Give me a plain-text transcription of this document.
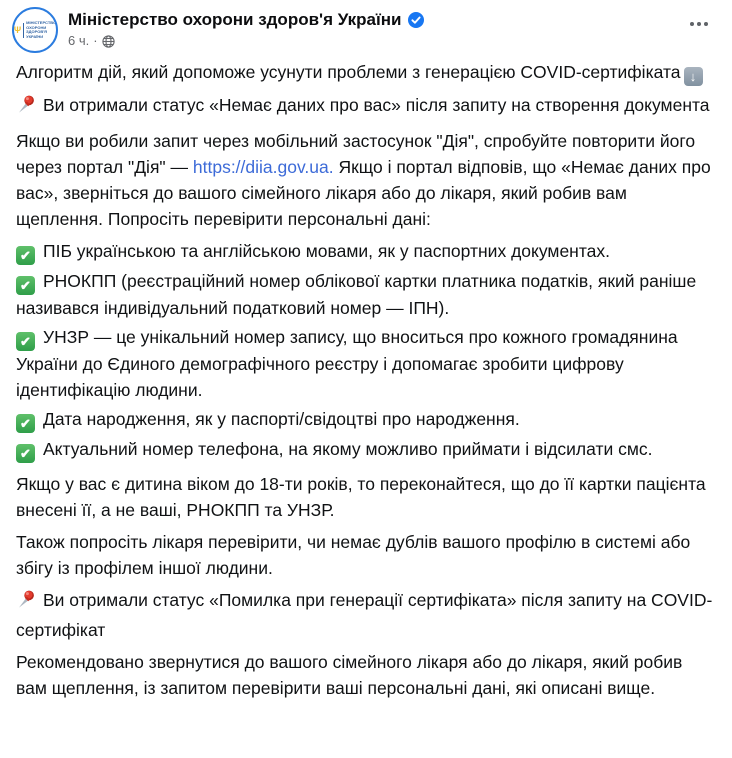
Ψ
МІНІСТЕРСТВО
ОХОРОНИ
ЗДОРОВ'Я
УКРАЇНИ
Міністерство охорони здоров'я України
6 ч. ·

Алгоритм дій, який допоможе усунути проблеми з генерацією COVID-сертифіката ↓

Ви отримали статус «Немає даних про вас» після запиту на створення документа

Якщо ви робили запит через мобільний застосунок "Дія", спробуйте повторити його через портал "Дія" — https://diia.gov.ua. Якщо і портал відповів, що «Немає даних про вас», зверніться до вашого сімейного лікаря або до лікаря, який робив вам щеплення. Попросіть перевірити персональні дані:

✔ ПІБ українською та англійською мовами, як у паспортних документах.
✔ РНОКПП (реєстраційний номер облікової картки платника податків, який раніше називався індивідуальний податковий номер — ІПН).
✔ УНЗР — це унікальний номер запису, що вноситься про кожного громадянина України до Єдиного демографічного реєстру і допомагає зробити цифрову ідентифікацію людини.
✔ Дата народження, як у паспорті/свідоцтві про народження.
✔ Актуальний номер телефона, на якому можливо приймати і відсилати смс.

Якщо у вас є дитина віком до 18-ти років, то переконайтеся, що до її картки пацієнта внесені її, а не ваші, РНОКПП та УНЗР.

Також попросіть лікаря перевірити, чи немає дублів вашого профілю в системі або збігу із профілем іншої людини.

Ви отримали статус «Помилка при генерації сертифіката» після запиту на COVID-сертифікат

Рекомендовано звернутися до вашого сімейного лікаря або до лікаря, який робив вам щеплення, із запитом перевірити ваші персональні дані, які описані вище.
